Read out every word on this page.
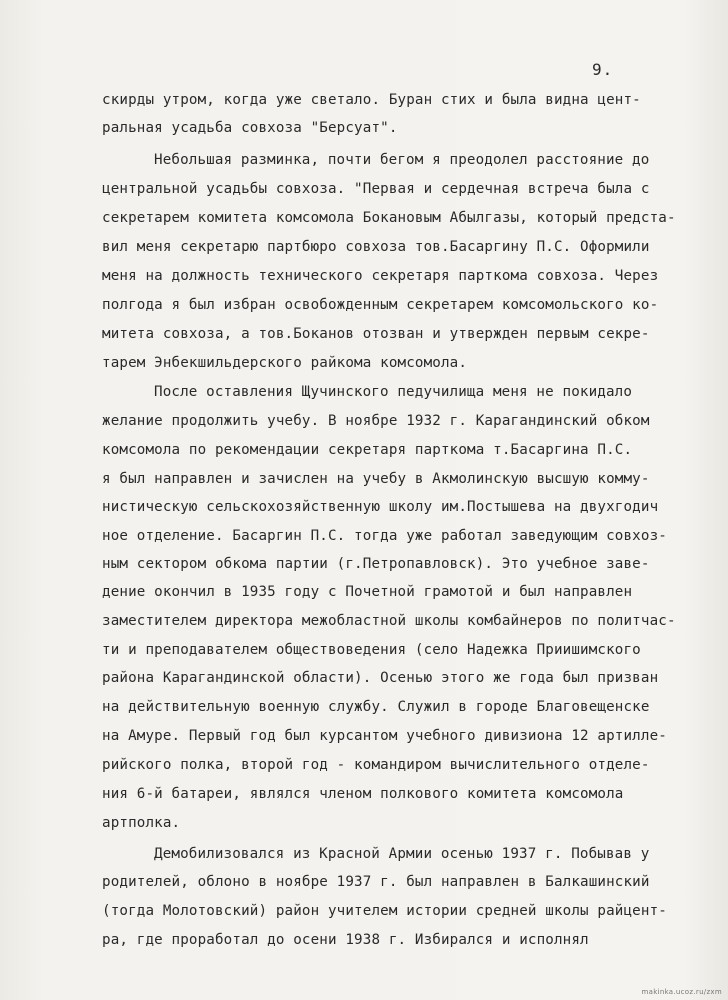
9.
скирды утром, когда уже светало. Буран стих и была видна цент-
ральная усадьба совхоза "Берсуат".
Небольшая разминка, почти бегом я преодолел расстояние до
центральной усадьбы совхоза. "Первая и сердечная встреча была с
секретарем комитета комсомола Бокановым Абылгазы, который предста-
вил меня секретарю партбюро совхоза тов.Басаргину П.С. Оформили
меня на должность технического секретаря парткома совхоза. Через
полгода я был избран освобожденным секретарем комсомольского ко-
митета совхоза, а тов.Боканов отозван и утвержден первым секре-
тарем Энбекшильдерского райкома комсомола.
После оставления Щучинского педучилища меня не покидало
желание продолжить учебу. В ноябре 1932 г. Карагандинский обком
комсомола по рекомендации секретаря парткома т.Басаргина П.С.
я был направлен и зачислен на учебу в Акмолинскую высшую комму-
нистическую сельскохозяйственную школу им.Постышева на двухгодич
ное отделение. Басаргин П.С. тогда уже работал заведующим совхоз-
ным сектором обкома партии (г.Петропавловск). Это учебное заве-
дение окончил в 1935 году с Почетной грамотой и был направлен
заместителем директора межобластной школы комбайнеров по политчас-
ти и преподавателем обществоведения (село Надежка Приишимского
района Карагандинской области). Осенью этого же года был призван
на действительную военную службу. Служил в городе Благовещенске
на Амуре. Первый год был курсантом учебного дивизиона 12 артилле-
рийского полка, второй год - командиром вычислительного отделе-
ния 6-й батареи, являлся членом полкового комитета комсомола
артполка.
Демобилизовался из Красной Армии осенью 1937 г. Побывав у
родителей, облоно в ноябре 1937 г. был направлен в Балкашинский
(тогда Молотовский) район учителем истории средней школы райцент-
ра, где проработал до осени 1938 г. Избирался и исполнял
makinka.ucoz.ru/zxm
